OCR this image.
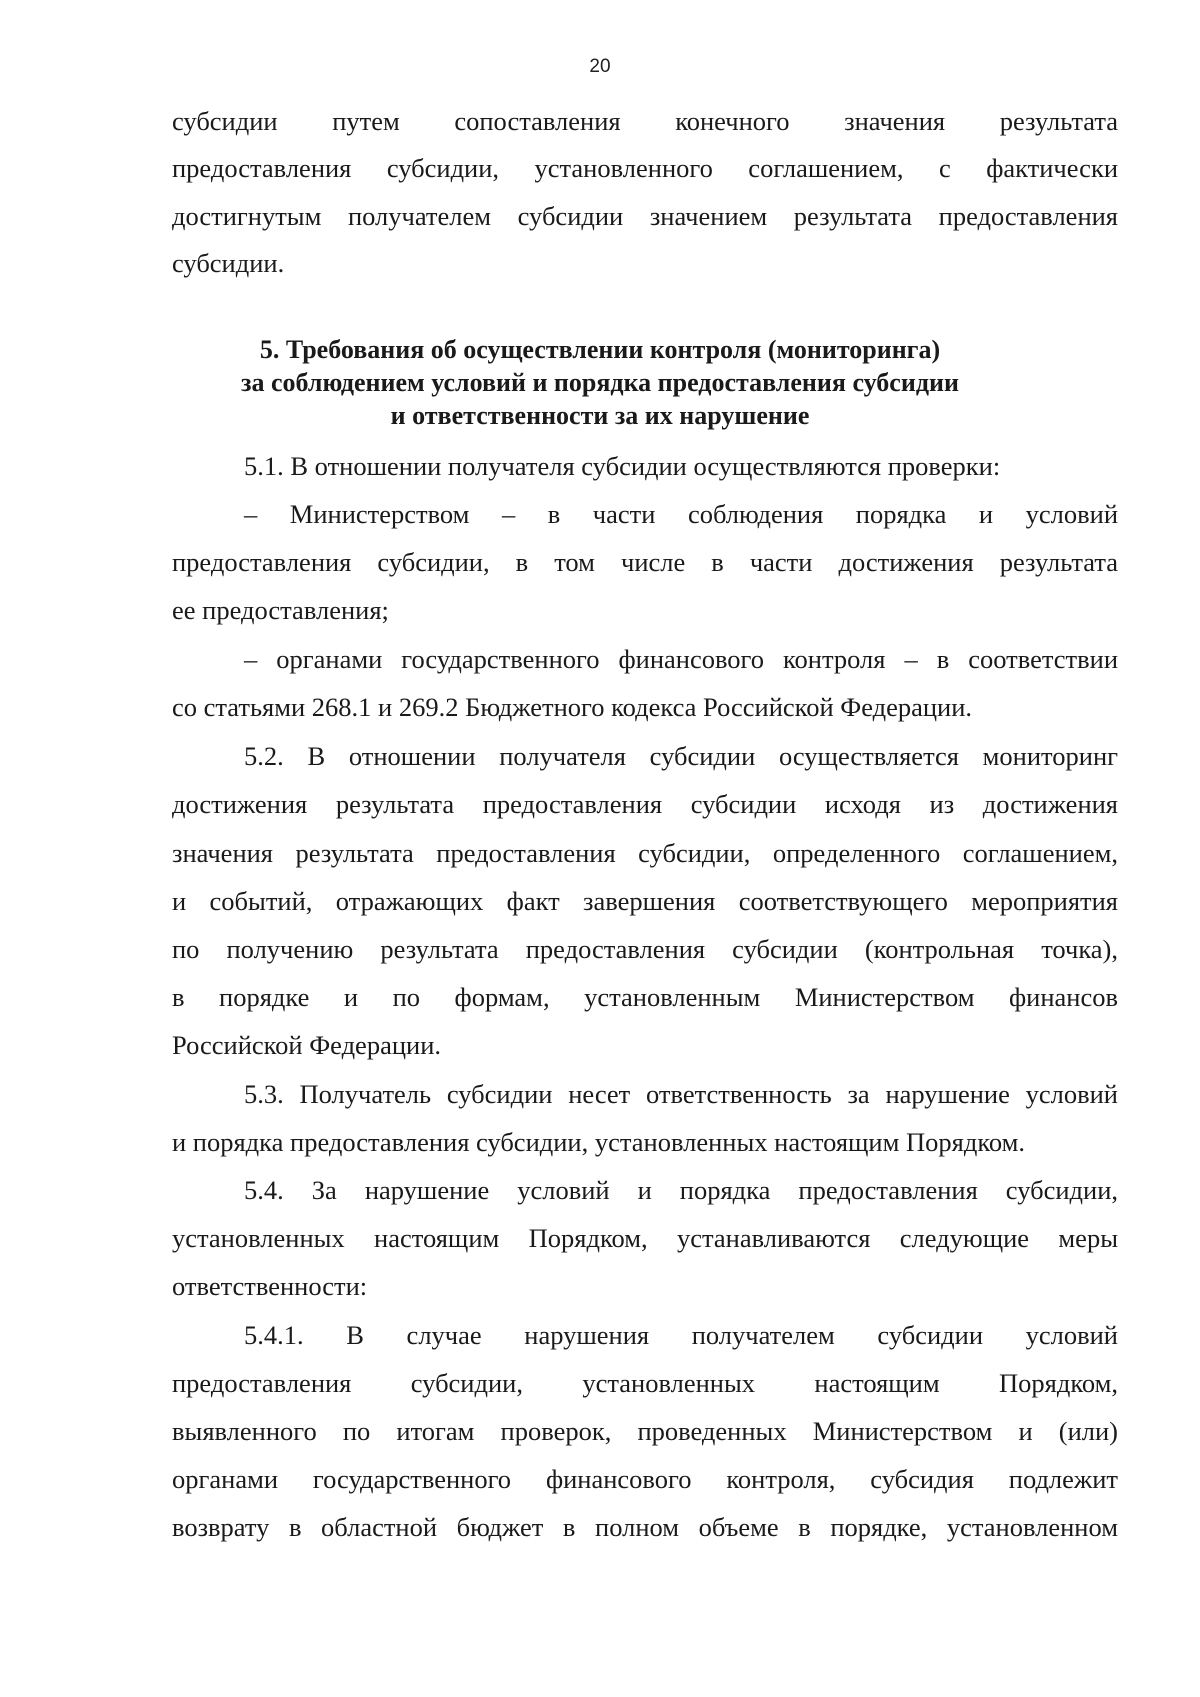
20
субсидии путем сопоставления конечного значения результата
предоставления субсидии, установленного соглашением, с фактически
достигнутым получателем субсидии значением результата предоставления
субсидии.
5. Требования об осуществлении контроля (мониторинга)
за соблюдением условий и порядка предоставления субсидии
и ответственности за их нарушение
5.1. В отношении получателя субсидии осуществляются проверки:
– Министерством – в части соблюдения порядка и условий
предоставления субсидии, в том числе в части достижения результата
ее предоставления;
– органами государственного финансового контроля – в соответствии
со статьями 268.1 и 269.2 Бюджетного кодекса Российской Федерации.
5.2. В отношении получателя субсидии осуществляется мониторинг
достижения результата предоставления субсидии исходя из достижения
значения результата предоставления субсидии, определенного соглашением,
и событий, отражающих факт завершения соответствующего мероприятия
по получению результата предоставления субсидии (контрольная точка),
в порядке и по формам, установленным Министерством финансов
Российской Федерации.
5.3. Получатель субсидии несет ответственность за нарушение условий
и порядка предоставления субсидии, установленных настоящим Порядком.
5.4. За нарушение условий и порядка предоставления субсидии,
установленных настоящим Порядком, устанавливаются следующие меры
ответственности:
5.4.1. В случае нарушения получателем субсидии условий
предоставления субсидии, установленных настоящим Порядком,
выявленного по итогам проверок, проведенных Министерством и (или)
органами государственного финансового контроля, субсидия подлежит
возврату в областной бюджет в полном объеме в порядке, установленном
